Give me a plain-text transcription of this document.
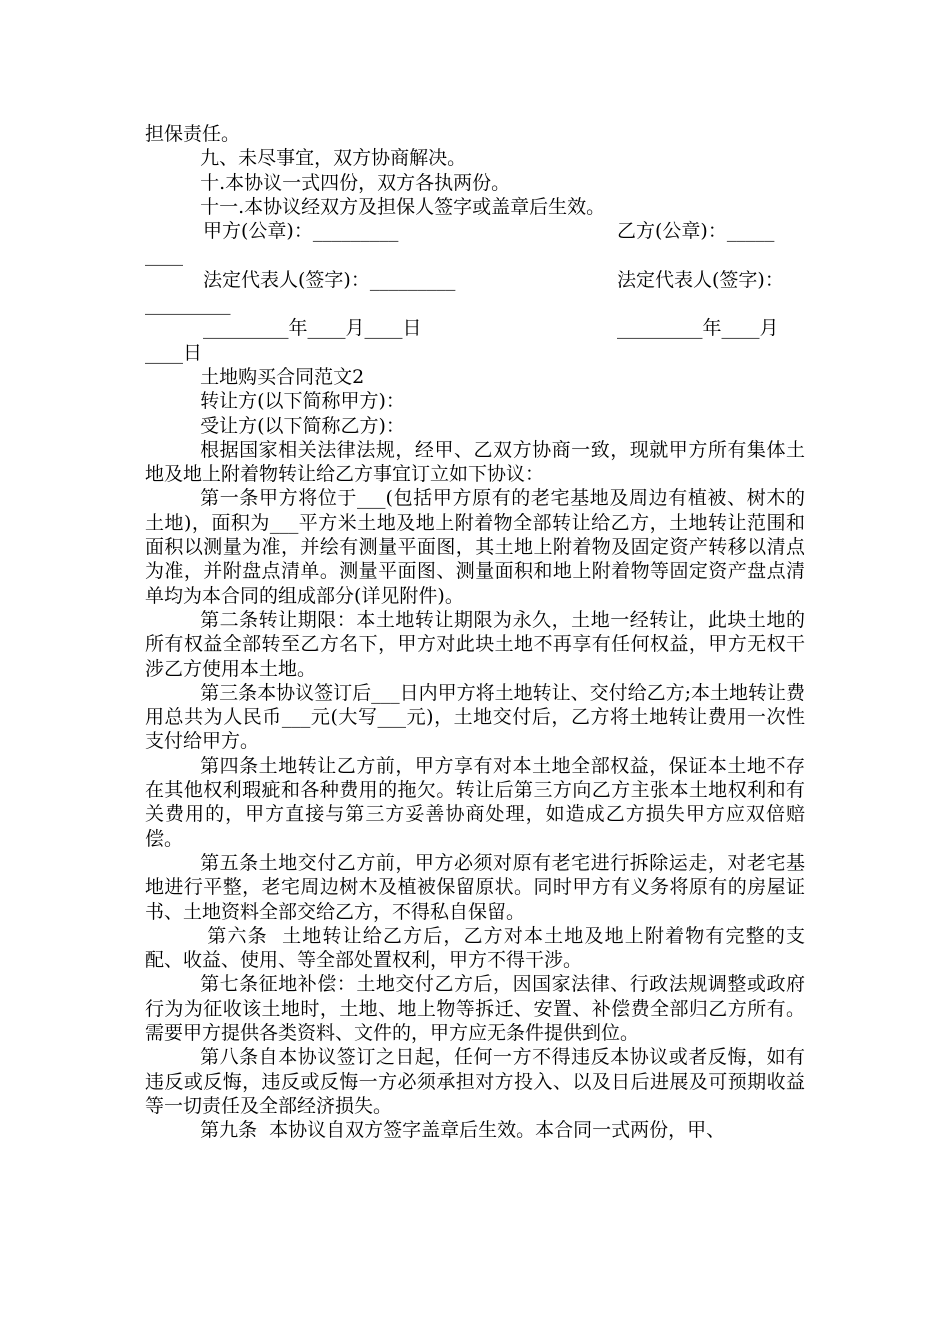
担保责任。

九、未尽事宜，双方协商解决。

十.本协议一式四份，双方各执两份。

十一.本协议经双方及担保人签字或盖章后生效。

甲方(公章)：_________

	乙方(公章)：_____

____

法定代表人(签字)：_________

	法定代表人(签字)：

_________

_________年____月____日

	_________年____月

____日

土地购买合同范文2

转让方(以下简称甲方)：

受让方(以下简称乙方)：

根据国家相关法律法规，经甲、乙双方协商一致，现就甲方所有集体土地及地上附着物转让给乙方事宜订立如下协议：

第一条甲方将位于___(包括甲方原有的老宅基地及周边有植被、树木的土地)，面积为___平方米土地及地上附着物全部转让给乙方，土地转让范围和面积以测量为准，并绘有测量平面图，其土地上附着物及固定资产转移以清点为准，并附盘点清单。测量平面图、测量面积和地上附着物等固定资产盘点清单均为本合同的组成部分(详见附件)。

第二条转让期限：本土地转让期限为永久，土地一经转让，此块土地的所有权益全部转至乙方名下，甲方对此块土地不再享有任何权益，甲方无权干涉乙方使用本土地。

第三条本协议签订后___日内甲方将土地转让、交付给乙方;本土地转让费用总共为人民币___元(大写___元)，土地交付后，乙方将土地转让费用一次性支付给甲方。

第四条土地转让乙方前，甲方享有对本土地全部权益，保证本土地不存在其他权利瑕疵和各种费用的拖欠。转让后第三方向乙方主张本土地权利和有关费用的，甲方直接与第三方妥善协商处理，如造成乙方损失甲方应双倍赔偿。

第五条土地交付乙方前，甲方必须对原有老宅进行拆除运走，对老宅基地进行平整，老宅周边树木及植被保留原状。同时甲方有义务将原有的房屋证书、土地资料全部交给乙方，不得私自保留。

第六条  土地转让给乙方后，乙方对本土地及地上附着物有完整的支配、收益、使用、等全部处置权利，甲方不得干涉。

第七条征地补偿：土地交付乙方后，因国家法律、行政法规调整或政府行为为征收该土地时，土地、地上物等拆迁、安置、补偿费全部归乙方所有。需要甲方提供各类资料、文件的，甲方应无条件提供到位。

第八条自本协议签订之日起，任何一方不得违反本协议或者反悔，如有违反或反悔，违反或反悔一方必须承担对方投入、以及日后进展及可预期收益等一切责任及全部经济损失。

第九条  本协议自双方签字盖章后生效。本合同一式两份，甲、
